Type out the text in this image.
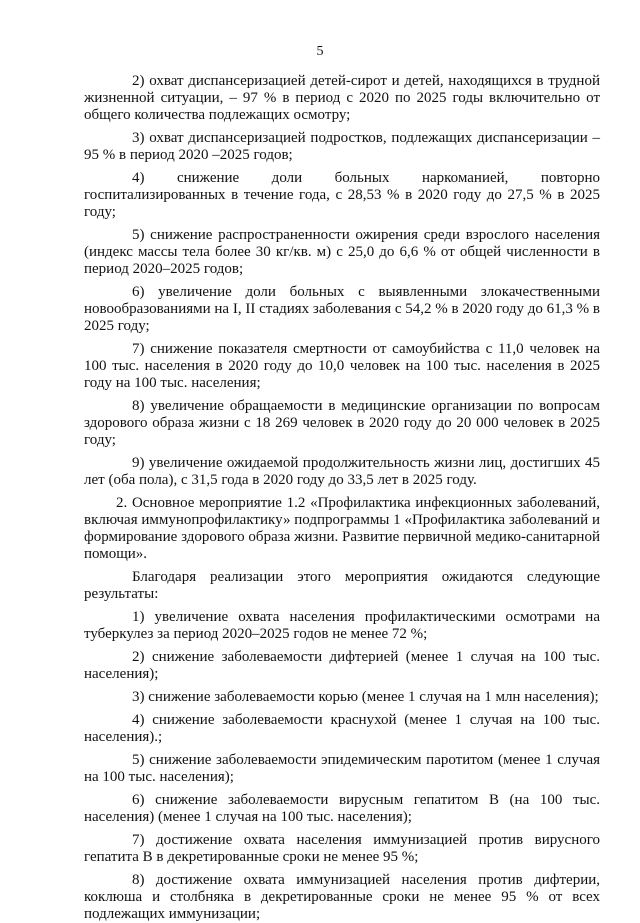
5

2) охват диспансеризацией детей-сирот и детей, находящихся в трудной жизненной ситуации, – 97 % в период с 2020 по 2025 годы включительно от общего количества подлежащих осмотру;

3) охват диспансеризацией подростков, подлежащих диспансеризации – 95 % в период 2020 –2025 годов;

4) снижение доли больных наркоманией, повторно госпитализированных в течение года, с 28,53 % в 2020 году до 27,5 % в 2025 году;

5) снижение распространенности ожирения среди взрослого населения (индекс массы тела более 30 кг/кв. м) с 25,0 до 6,6 % от общей численности в период 2020–2025 годов;

6) увеличение доли больных с выявленными злокачественными новообразованиями на I, II стадиях заболевания с 54,2 % в 2020 году до 61,3 % в 2025 году;

7) снижение показателя смертности от самоубийства с 11,0 человек на 100 тыс. населения в 2020 году до 10,0 человек на 100 тыс. населения в 2025 году на 100 тыс. населения;

8) увеличение обращаемости в медицинские организации по вопросам здорового образа жизни с 18 269 человек в 2020 году до 20 000 человек в 2025 году;

9) увеличение ожидаемой продолжительность жизни лиц, достигших 45 лет (оба пола), с 31,5 года в 2020 году до 33,5 лет в 2025 году.

2. Основное мероприятие 1.2 «Профилактика инфекционных заболеваний, включая иммунопрофилактику» подпрограммы 1 «Профилактика заболеваний и формирование здорового образа жизни. Развитие первичной медико-санитарной помощи».

Благодаря реализации этого мероприятия ожидаются следующие результаты:

1) увеличение охвата населения профилактическими осмотрами на туберкулез за период 2020–2025 годов не менее 72 %;

2) снижение заболеваемости дифтерией (менее 1 случая на 100 тыс. населения);

3) снижение заболеваемости корью (менее 1 случая на 1 млн населения);

4) снижение заболеваемости краснухой (менее 1 случая на 100 тыс. населения).;

5) снижение заболеваемости эпидемическим паротитом (менее 1 случая на 100 тыс. населения);

6) снижение заболеваемости вирусным гепатитом В (на 100 тыс. населения) (менее 1 случая на 100 тыс. населения);

7) достижение охвата населения иммунизацией против вирусного гепатита В в декретированные сроки не менее 95 %;

8) достижение охвата иммунизацией населения против дифтерии, коклюша и столбняка в декретированные сроки не менее 95 % от всех подлежащих иммунизации;
